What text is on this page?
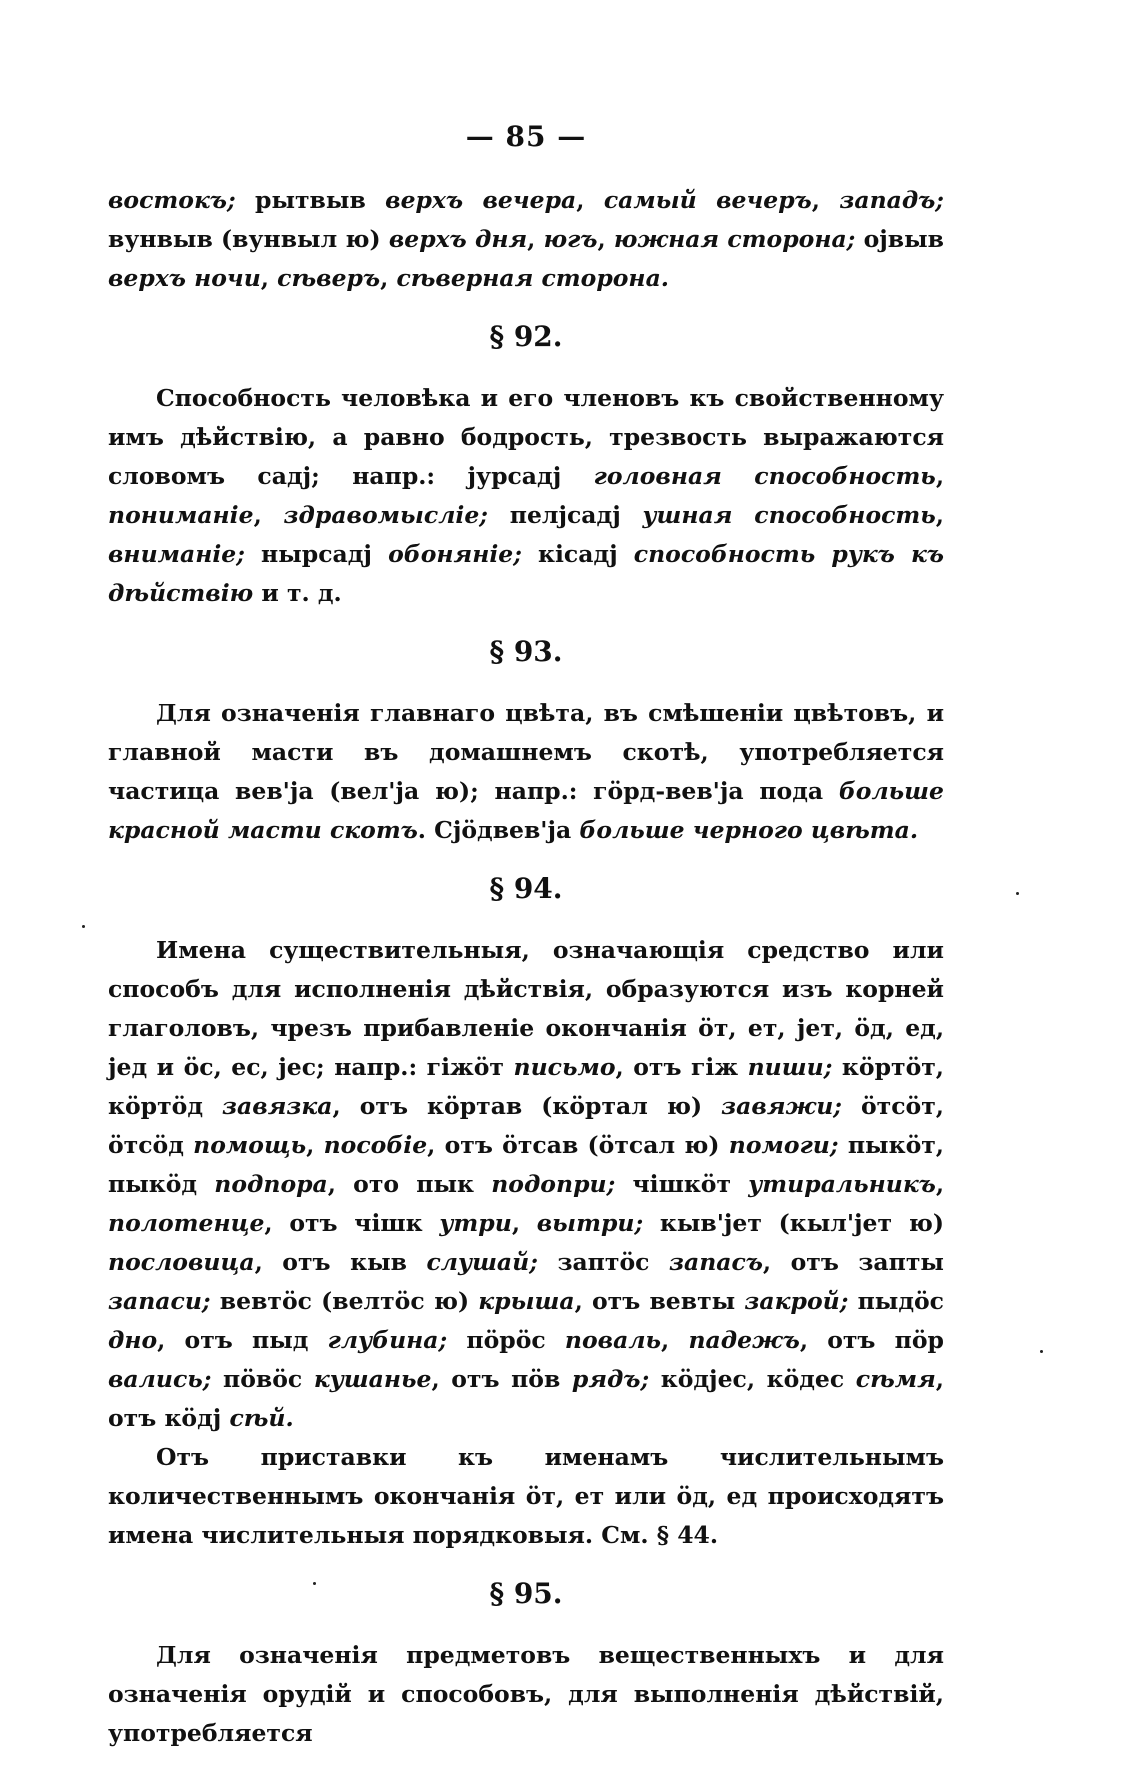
— 85 —

востокъ; рытвыв верхъ вечера, самый вечеръ, западъ; вунвыв (вунвыл ю) верхъ дня, югъ, южная сторона; ојвыв верхъ ночи, сѣверъ, сѣверная сторона.

§ 92.

Способность человѣка и его членовъ къ свойственному имъ дѣйствію, а равно бодрость, трезвость выражаются словомъ садј; напр.: јурсадј головная способность, пониманіе, здравомысліе; пелјсадј ушная способность, вниманіе; нырсадј обоняніе; кісадј способность рукъ къ дѣйствію и т. д.

§ 93.

Для означенія главнаго цвѣта, въ смѣшеніи цвѣтовъ, и главной масти въ домашнемъ скотѣ, употребляется частица вев'ја (вел'ја ю); напр.: гӧрд-вев'ја пода больше красной масти скотъ. Сјӧдвев'ја больше черного цвѣта.

§ 94.

Имена существительныя, означающія средство или способъ для исполненія дѣйствія, образуются изъ корней глаголовъ, чрезъ прибавленіе окончанія ӧт, ет, јет, ӧд, ед, јед и ӧс, ес, јес; напр.: гіжӧт письмо, отъ гіж пиши; кӧртӧт, кӧртӧд завязка, отъ кӧртав (кӧртал ю) завяжи; ӧтсӧт, ӧтсӧд помощь, пособіе, отъ ӧтсав (ӧтсал ю) помоги; пыкӧт, пыкӧд подпора, ото пык подопри; чішкӧт утиральникъ, полотенце, отъ чішк утри, вытри; кыв'јет (кыл'јет ю) пословица, отъ кыв слушай; заптӧс запасъ, отъ запты запаси; вевтӧс (велтӧс ю) крыша, отъ вевты закрой; пыдӧс дно, отъ пыд глубина; пӧрӧс поваль, падежъ, отъ пӧр вались; пӧвӧс кушанье, отъ пӧв рядъ; кӧдјес, кӧдес сѣмя, отъ кӧдј сѣй.

Отъ приставки къ именамъ числительнымъ количественнымъ окончанія ӧт, ет или ӧд, ед происходятъ имена числительныя порядковыя. См. § 44.

§ 95.

Для означенія предметовъ вещественныхъ и для означенія орудій и способовъ, для выполненія дѣйствій, употребляется
